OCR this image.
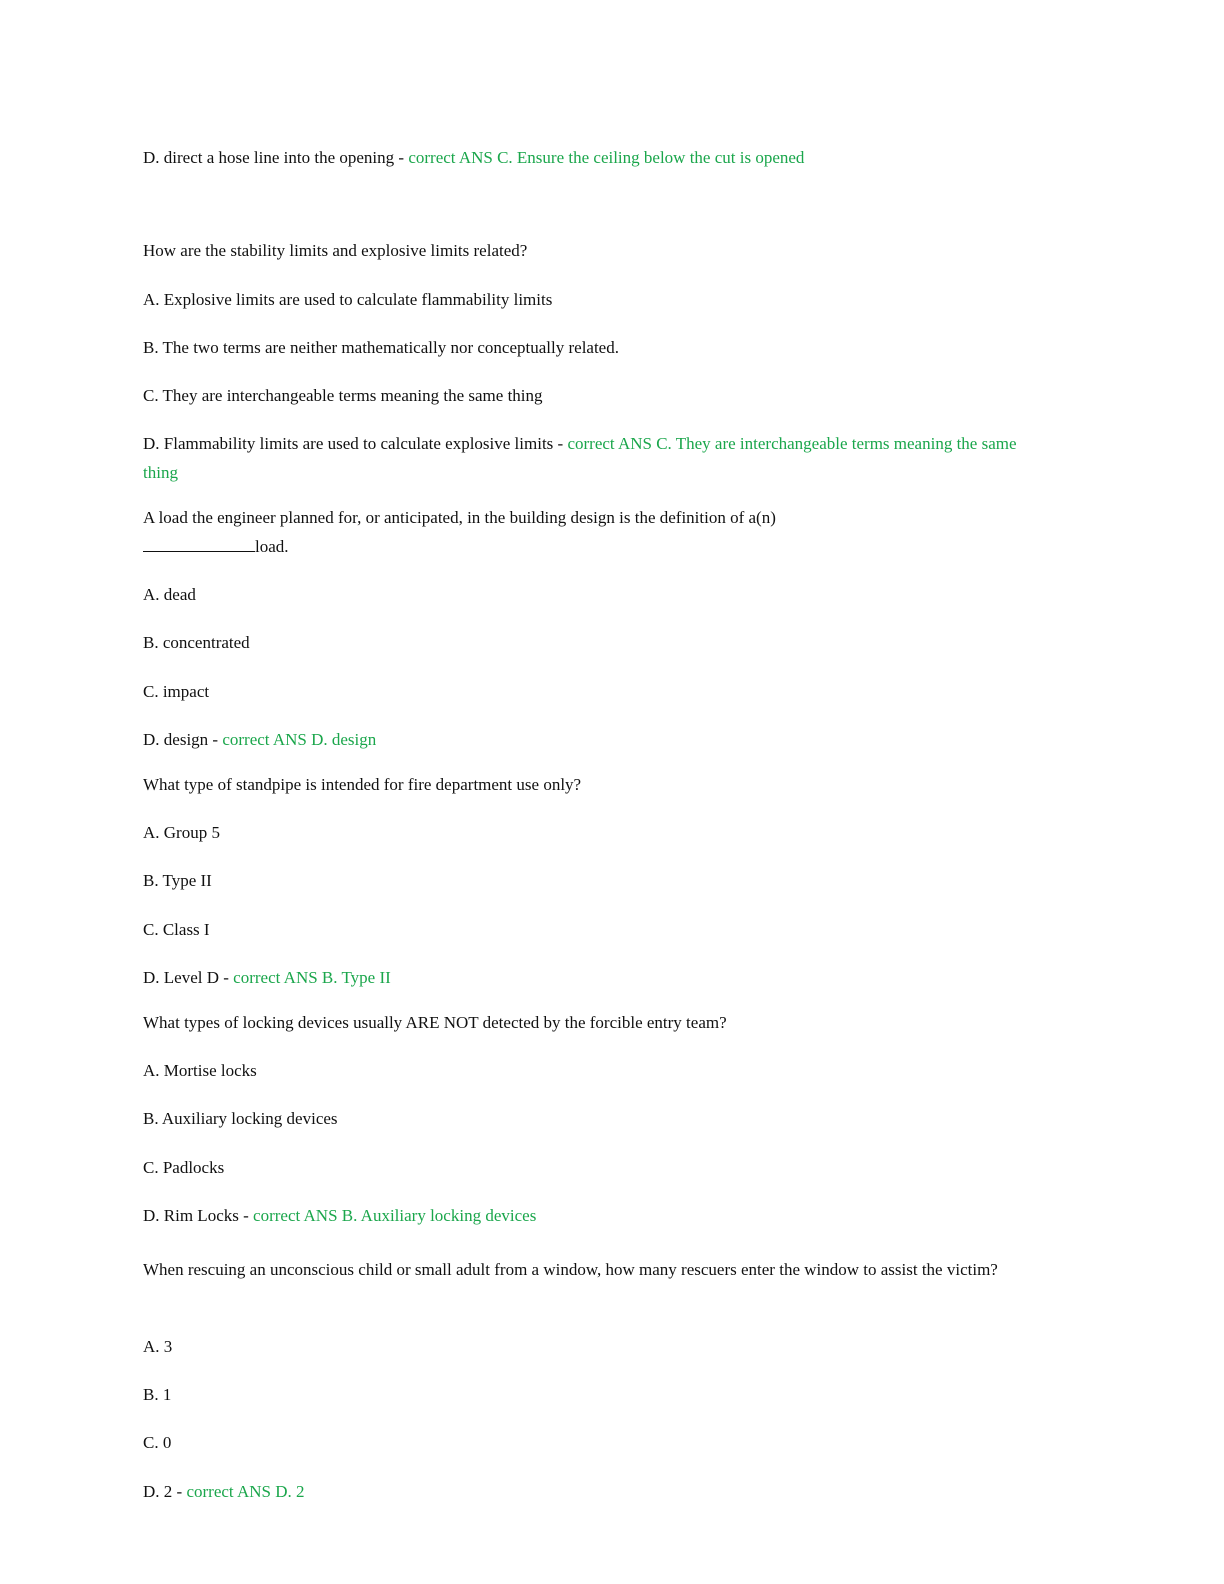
D. direct a hose line into the opening - correct ANS C. Ensure the ceiling below the cut is opened
How are the stability limits and explosive limits related?
A. Explosive limits are used to calculate flammability limits
B. The two terms are neither mathematically nor conceptually related.
C. They are interchangeable terms meaning the same thing
D. Flammability limits are used to calculate explosive limits - correct ANS C. They are interchangeable terms meaning the same thing
A load the engineer planned for, or anticipated, in the building design is the definition of a(n)
load.
A. dead
B. concentrated
C. impact
D. design - correct ANS D. design
What type of standpipe is intended for fire department use only?
A. Group 5
B. Type II
C. Class I
D. Level D - correct ANS B. Type II
What types of locking devices usually ARE NOT detected by the forcible entry team?
A. Mortise locks
B. Auxiliary locking devices
C. Padlocks
D. Rim Locks - correct ANS B. Auxiliary locking devices
When rescuing an unconscious child or small adult from a window, how many rescuers enter the window to assist the victim?
A. 3
B. 1
C. 0
D. 2 - correct ANS D. 2
